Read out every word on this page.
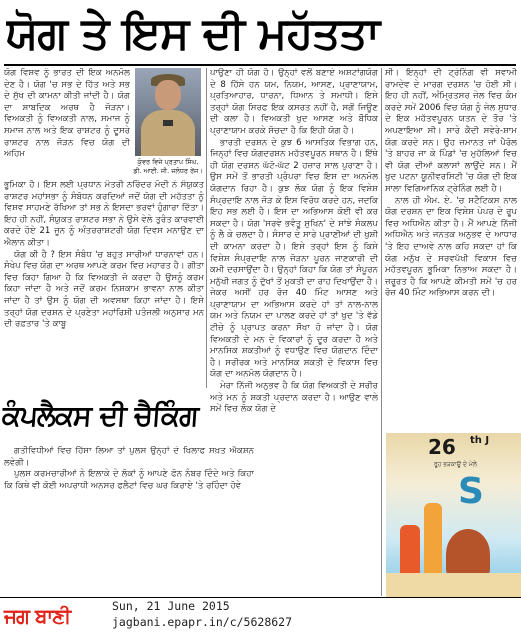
ਯੋਗ ਤੇ ਇਸ ਦੀ ਮਹੱਤਤਾ

ਯੋਗ ਵਿਸ਼ਵ ਨੂੰ ਭਾਰਤ ਦੀ ਇਕ ਅਨਮੋਲ ਦੇਣ ਹੈ। ਯੋਗ 'ਚ ਸਭ ਦੇ ਹਿੱਤ ਅਤੇ ਸਭ ਦੇ ਸੁੱਖ ਦੀ ਕਾਮਨਾ ਕੀਤੀ ਜਾਂਦੀ ਹੈ। ਯੋਗ ਦਾ ਸ਼ਾਬਦਿਕ ਅਰਥ ਹੈ ਜੋੜਨਾ। ਵਿਅਕਤੀ ਨੂੰ ਵਿਅਕਤੀ ਨਾਲ, ਸਮਾਜ ਨੂੰ ਸਮਾਜ ਨਾਲ ਅਤੇ ਇਕ ਰਾਸ਼ਟਰ ਨੂੰ ਦੂਸਰੇ ਰਾਸ਼ਟਰ ਨਾਲ ਜੋੜਨ ਵਿਚ ਯੋਗ ਦੀ ਅਹਿਮ

ਕੁੰਵਰ ਵਿਜੇ ਪ੍ਰਤਾਪ ਸਿੰਘ,
ਡੀ. ਆਈ. ਜੀ. ਜਲੰਧਰ ਰੇਂਜ।

ਭੂਮਿਕਾ ਹੈ। ਇਸ ਲਈ ਪ੍ਰਧਾਨ ਮੰਤਰੀ ਨਰਿੰਦਰ ਮੋਦੀ ਨੇ ਸੰਯੁਕਤ ਰਾਸ਼ਟਰ ਮਹਾਂਸਭਾ ਨੂੰ ਸੰਬੋਧਨ ਕਰਦਿਆਂ ਜਦੋਂ ਯੋਗ ਦੀ ਮਹੱਤਤਾ ਨੂੰ ਵਿਸ਼ਵ ਸਾਹਮਣੇ ਰੱਖਿਆ ਤਾਂ ਸਭ ਨੇ ਇਸਦਾ ਭਰਵਾਂ ਹੁੰਗਾਰਾ ਦਿੱਤਾ। ਇਹ ਹੀ ਨਹੀਂ, ਸੰਯੁਕਤ ਰਾਸ਼ਟਰ ਸਭਾ ਨੇ ਉਸੇ ਵੇਲੇ ਤੁਰੰਤ ਕਾਰਵਾਈ ਕਰਦੇ ਹੋਏ 21 ਜੂਨ ਨੂੰ ਅੰਤਰਰਾਸ਼ਟਰੀ ਯੋਗ ਦਿਵਸ ਮਨਾਉਣ ਦਾ ਐਲਾਨ ਕੀਤਾ।

ਯੋਗ ਕੀ ਹੈ ? ਇਸ ਸੰਬੰਧ 'ਚ ਬਹੁਤ ਸਾਰੀਆਂ ਧਾਰਨਾਵਾਂ ਹਨ। ਸੰਖੇਪ ਵਿਚ ਯੋਗ ਦਾ ਅਰਥ ਆਪਣੇ ਕਰਮ ਵਿਚ ਮਹਾਰਤ ਹੈ। ਗੀਤਾ ਵਿਚ ਕਿਹਾ ਗਿਆ ਹੈ ਕਿ ਵਿਅਕਤੀ ਜੋ ਕਰਦਾ ਹੈ ਉਸਨੂੰ ਕਰਮ ਕਿਹਾ ਜਾਂਦਾ ਹੈ ਅਤੇ ਜਦੋਂ ਕਰਮ ਨਿਸ਼ਕਾਮ ਭਾਵਨਾ ਨਾਲ ਕੀਤਾ ਜਾਂਦਾ ਹੈ ਤਾਂ ਉਸ ਨੂੰ ਯੋਗ ਦੀ ਅਵਸਥਾ ਕਿਹਾ ਜਾਂਦਾ ਹੈ। ਇਸੇ ਤਰ੍ਹਾਂ ਯੋਗ ਦਰਸ਼ਨ ਦੇ ਪ੍ਰਣੇਤਾ ਮਹਾਂਰਿਸ਼ੀ ਪਤੰਜਲੀ ਅਨੁਸਾਰ ਮਨ ਦੀ ਰਫ਼ਤਾਰ 'ਤੇ ਕਾਬੂ

ਕੰਪਲੈਕਸ ਦੀ ਚੈਕਿੰਗ

ਗਤੀਵਿਧੀਆਂ ਵਿਚ ਹਿੱਸਾ ਲਿਆ ਤਾਂ ਪੁਲਸ ਉਨ੍ਹਾਂ ਦੇ ਖਿਲਾਫ ਸਖ਼ਤ ਐਕਸ਼ਨ ਲਵੇਗੀ।

ਪੁਲਸ ਕਰਮਚਾਰੀਆਂ ਨੇ ਇਲਾਕੇ ਦੇ ਲੋਕਾਂ ਨੂੰ ਆਪਣੇ ਫੋਨ ਨੰਬਰ ਦਿੰਦੇ ਅਤੇ ਕਿਹਾ ਕਿ ਕਿਥੇ ਵੀ ਕੋਈ ਅਪਰਾਧੀ ਅਨਸਰ ਫਲੈਟਾਂ ਵਿਚ ਘਰ ਕਿਰਾਏ 'ਤੇ ਰਹਿੰਦਾ ਹੋਵੇ

ਪਾਉਣਾ ਹੀ ਯੋਗ ਹੈ। ਉਨ੍ਹਾਂ ਵਲੋਂ ਬਣਾਏ ਅਸ਼ਟਾਂਗਯੋਗ ਦੇ 8 ਹਿੱਸੇ ਹਨ ਯਮ, ਨਿਯਮ, ਆਸਣ, ਪ੍ਰਾਣਾਯਾਮ, ਪ੍ਰਤਿਆਹਾਰ, ਧਾਰਨਾ, ਧਿਆਨ ਤੇ ਸਮਾਧੀ। ਇਸੇ ਤਰ੍ਹਾਂ ਯੋਗ ਸਿਰਫ ਇਕ ਕਸਰਤ ਨਹੀਂ ਹੈ, ਸਗੋਂ ਜਿਊਣ ਦੀ ਕਲਾ ਹੈ। ਵਿਅਕਤੀ ਖੁਦ ਆਸਣ ਅਤੇ ਬੌਧਿਕ ਪ੍ਰਾਣਾਯਾਮ ਕਰਕੇ ਸੋਚਦਾ ਹੈ ਕਿ ਇਹੀ ਯੋਗ ਹੈ।

ਭਾਰਤੀ ਦਰਸ਼ਨ ਦੇ ਕੁਝ 6 ਆਸਤਿਕ ਵਿਭਾਗ ਹਨ, ਜਿਨ੍ਹਾਂ ਵਿਚ ਯੋਗਦਰਸ਼ਨ ਮਹੱਤਵਪੂਰਨ ਸਥਾਨ ਹੈ। ਇੱਥੇ ਹੀ ਯੋਗ ਦਰਸ਼ਨ ਘੱਟੋ-ਘੱਟ 2 ਹਜ਼ਾਰ ਸਾਲ ਪੁਰਾਣਾ ਹੈ। ਉਸ ਸਮੇਂ ਤੋਂ ਭਾਰਤੀ ਪ੍ਰੰਪਰਾ ਵਿਚ ਇਸ ਦਾ ਅਨਮੋਲ ਯੋਗਦਾਨ ਰਿਹਾ ਹੈ। ਕੁਝ ਲੋਕ ਯੋਗ ਨੂੰ ਇਕ ਵਿਸ਼ੇਸ਼ ਸੰਪ੍ਰਦਾਇ ਨਾਲ ਜੋੜ ਕੇ ਇਸ ਵਿਰੋਧ ਕਰਦੇ ਹਨ, ਜਦਕਿ ਇਹ ਸਭ ਲਈ ਹੈ। ਇਸ ਦਾ ਅਭਿਆਸ ਕੋਈ ਵੀ ਕਰ ਸਕਦਾ ਹੈ। ਯੋਗ 'ਸਰਵੇ ਭਵੰਤੂ ਸੁਖਿਨ' ਦੇ ਸਾਂਝੇ ਸੰਕਲਪ ਨੂੰ ਲੈ ਕੇ ਚਲਦਾ ਹੈ। ਸੰਸਾਰ ਦੇ ਸਾਰੇ ਪ੍ਰਾਣੀਆਂ ਦੀ ਖੁਸ਼ੀ ਦੀ ਕਾਮਨਾ ਕਰਦਾ ਹੈ। ਇਸੇ ਤਰ੍ਹਾਂ ਇਸ ਨੂੰ ਕਿਸੇ ਵਿਸ਼ੇਸ਼ ਸੰਪ੍ਰਦਾਇ ਨਾਲ ਜੋੜਨਾ ਪੂਰਨ ਜਾਣਕਾਰੀ ਦੀ ਕਮੀ ਦਰਸਾਉਂਦਾ ਹੈ। ਉਨ੍ਹਾਂ ਕਿਹਾ ਕਿ ਯੋਗ ਤਾਂ ਸੰਪੂਰਨ ਮਨੁੱਖੀ ਜਗਤ ਨੂੰ ਦੁੱਖਾਂ ਤੋਂ ਮੁਕਤੀ ਦਾ ਰਾਹ ਦਿਖਾਉਂਦਾ ਹੈ। ਜੇਕਰ ਅਸੀਂ ਹਰ ਰੋਜ਼ 40 ਮਿੰਟ ਆਸਣ ਅਤੇ ਪ੍ਰਾਣਾਯਾਮ ਦਾ ਅਭਿਆਸ ਕਰਦੇ ਹਾਂ ਤਾਂ ਨਾਲ-ਨਾਲ ਯਮ ਅਤੇ ਨਿਯਮ ਦਾ ਪਾਲਣ ਕਰਦੇ ਹਾਂ ਤਾਂ ਖੁਦ 'ਤੇ ਵੱਡੇ ਟੀਚੇ ਨੂੰ ਪ੍ਰਾਪਤ ਕਰਨਾ ਸੌਖਾ ਹੋ ਜਾਂਦਾ ਹੈ। ਯੋਗ ਵਿਅਕਤੀ ਦੇ ਮਨ ਦੇ ਵਿਕਾਰਾਂ ਨੂੰ ਦੂਰ ਕਰਦਾ ਹੈ ਅਤੇ ਮਾਨਸਿਕ ਸ਼ਕਤੀਆਂ ਨੂੰ ਵਧਾਉਣ ਵਿਚ ਯੋਗਦਾਨ ਦਿੰਦਾ ਹੈ। ਸਰੀਰਕ ਅਤੇ ਮਾਨਸਿਕ ਸ਼ਕਤੀ ਦੇ ਵਿਕਾਸ ਵਿਚ ਯੋਗ ਦਾ ਅਨਮੋਲ ਯੋਗਦਾਨ ਹੈ।

ਮੇਰਾ ਨਿੱਜੀ ਅਨੁਭਵ ਹੈ ਕਿ ਯੋਗ ਵਿਅਕਤੀ ਦੇ ਸਰੀਰ ਅਤੇ ਮਨ ਨੂੰ ਸ਼ਕਤੀ ਪ੍ਰਦਾਨ ਕਰਦਾ ਹੈ। ਆਉਣ ਵਾਲੇ ਸਮੇਂ ਵਿਚ ਲੋਕ ਯੋਗ ਦੇ

ਸੀ। ਇਨ੍ਹਾਂ ਦੀ ਟ੍ਰੇਨਿੰਗ ਵੀ ਸਵਾਮੀ ਰਾਮਦੇਵ ਦੇ ਮਾਰਗ ਦਰਸ਼ਨ 'ਚ ਹੋਈ ਸੀ। ਇਹ ਹੀ ਨਹੀਂ, ਅੰਮ੍ਰਿਤਸਰ ਜੇਲ ਵਿਚ ਕੰਮ ਕਰਦੇ ਸਮੇਂ 2006 ਵਿਚ ਯੋਗ ਨੂੰ ਜੇਲ ਸੁਧਾਰ ਦੇ ਇਕ ਮਹੱਤਵਪੂਰਨ ਯਤਨ ਦੇ ਤੌਰ 'ਤੇ ਅਪਣਾਇਆ ਸੀ। ਸਾਰੇ ਕੈਦੀ ਸਵੇਰੇ-ਸ਼ਾਮ ਯੋਗ ਕਰਦੇ ਸਨ। ਉਹ ਜ਼ਮਾਨਤ ਜਾਂ ਪੈਰੋਲ 'ਤੇ ਬਾਹਰ ਜਾ ਕੇ ਪਿੰਡਾਂ 'ਚ ਮੁਹੱਲਿਆਂ ਵਿਚ ਵੀ ਯੋਗ ਦੀਆਂ ਕਲਾਸਾਂ ਲਾਉਂਦੇ ਸਨ। ਮੈਂ ਖੁਦ ਪਟਨਾ ਯੂਨੀਵਰਸਿਟੀ 'ਚ ਯੋਗ ਦੀ ਇਕ ਸਾਲਾ ਵਿਗਿਆਨਿਕ ਟ੍ਰੇਨਿੰਗ ਲਈ ਹੈ।

ਨਾਲ ਹੀ ਐਮ. ਏ. 'ਚ ਸਟੈਟਿਕਸ ਨਾਲ ਯੋਗ ਦਰਸ਼ਨ ਦਾ ਇਕ ਵਿਸ਼ੇਸ਼ ਪੇਪਰ ਦੇ ਰੂਪ ਵਿਚ ਅਧਿਐਨ ਕੀਤਾ ਹੈ। ਮੈਂ ਆਪਣੇ ਨਿੱਜੀ ਅਧਿਐਨ ਅਤੇ ਜਨਤਕ ਅਨੁਭਵ ਦੇ ਆਧਾਰ 'ਤੇ ਇਹ ਦਾਅਵੇ ਨਾਲ ਕਹਿ ਸਕਦਾ ਹਾਂ ਕਿ ਯੋਗ ਮਨੁੱਖ ਦੇ ਸਰਵਪੱਖੀ ਵਿਕਾਸ ਵਿਚ ਮਹੱਤਵਪੂਰਨ ਭੂਮਿਕਾ ਨਿਭਾਅ ਸਕਦਾ ਹੈ। ਜ਼ਰੂਰਤ ਹੈ ਕਿ ਆਪਣੇ ਕੀਮਤੀ ਸਮੇਂ 'ਚ ਹਰ ਰੋਜ਼ 40 ਮਿੰਟ ਅਭਿਆਸ ਕਰਨ ਦੀ।

26 th J
ਰੂਹ ਭੜਕਾਊ ਦੇ ਮੇਲੇ
S
ਜਗ ਬਾਣੀ	Sun, 21 June 2015
jagbani.epapr.in/c/5628627
